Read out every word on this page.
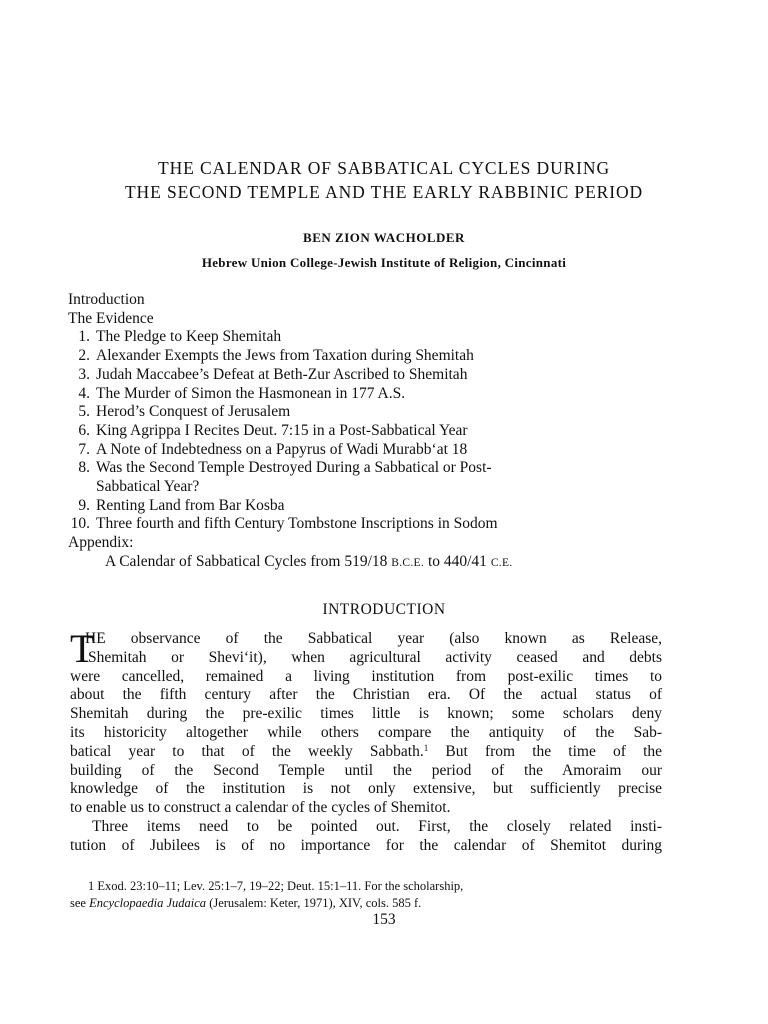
THE CALENDAR OF SABBATICAL CYCLES DURING
THE SECOND TEMPLE AND THE EARLY RABBINIC PERIOD
BEN ZION WACHOLDER
Hebrew Union College-Jewish Institute of Religion, Cincinnati
Introduction
The Evidence
1. The Pledge to Keep Shemitah
2. Alexander Exempts the Jews from Taxation during Shemitah
3. Judah Maccabee’s Defeat at Beth-Zur Ascribed to Shemitah
4. The Murder of Simon the Hasmonean in 177 A.S.
5. Herod’s Conquest of Jerusalem
6. King Agrippa I Recites Deut. 7:15 in a Post-Sabbatical Year
7. A Note of Indebtedness on a Papyrus of Wadi Murabb‘at 18
8. Was the Second Temple Destroyed During a Sabbatical or Post-
Sabbatical Year?
9. Renting Land from Bar Kosba
10. Three fourth and fifth Century Tombstone Inscriptions in Sodom
Appendix:
A Calendar of Sabbatical Cycles from 519/18 B.C.E. to 440/41 C.E.
INTRODUCTION
T
HE observance of the Sabbatical year (also known as Release,
Shemitah or Shevi‘it), when agricultural activity ceased and debts
were cancelled, remained a living institution from post-exilic times to
about the fifth century after the Christian era. Of the actual status of
Shemitah during the pre-exilic times little is known; some scholars deny
its historicity altogether while others compare the antiquity of the Sab-
batical year to that of the weekly Sabbath.$^1$ But from the time of the
building of the Second Temple until the period of the Amoraim our
knowledge of the institution is not only extensive, but sufficiently precise
to enable us to construct a calendar of the cycles of Shemitot.
Three items need to be pointed out. First, the closely related insti-
tution of Jubilees is of no importance for the calendar of Shemitot during
1 Exod. 23:10–11; Lev. 25:1–7, 19–22; Deut. 15:1–11. For the scholarship,
see Encyclopaedia Judaica (Jerusalem: Keter, 1971), XIV, cols. 585 f.
153
